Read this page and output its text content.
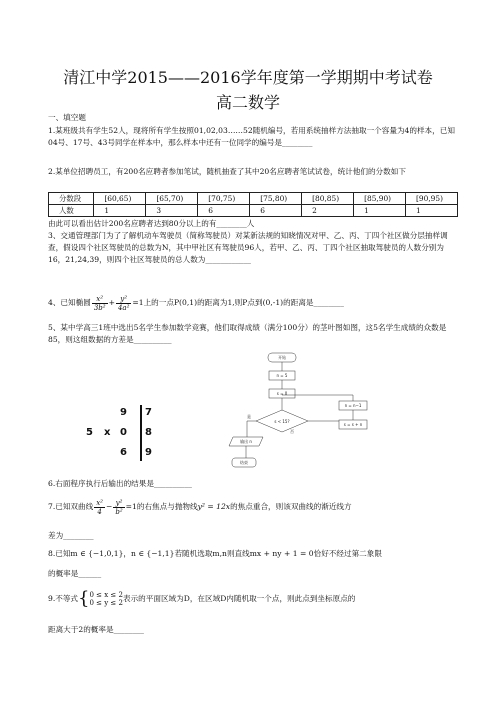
清江中学2015——2016学年度第一学期期中考试卷
高二数学

一、填空题

1.某班级共有学生52人，现将所有学生按照01,02,03……52随机编号，若用系统抽样方法抽取一个容量为4的样本，已知04号、17号、43号同学在样本中，那么样本中还有一位同学的编号是________

2.某单位招聘员工，有200名应聘者参加笔试，随机抽查了其中20名应聘者笔试试卷，统计他们的分数如下

分数段	[60,65)	[65,70)	[70,75)	[75,80)	[80,85)	[85,90)	[90,95)
人数	1	3	6	6	2	1	1

由此可以看出估计200名应聘者达到80分以上的有________人

3、交通管理部门为了了解机动车驾驶员（简称驾驶员）对某新法规的知晓情况对甲、乙、丙、丁四个社区做分层抽样调查，假设四个社区驾驶员的总数为N，其中甲社区有驾驶员96人，若甲、乙、丙、丁四个社区抽取驾驶员的人数分别为16，21,24,39，则四个社区驾驶员的总人数为____________

4、已知椭圆 $\frac{\text{x²}}{\text{3b²}} + \frac{\text{y²}}{\text{4a²}} =1$ 上的一点P(0,1)的距离为1,则P点到(0,-1)的距离是________

5、某中学高三1班中选出5名学生参加数学竞赛，他们取得成绩（满分100分）的茎叶图如图，这5名学生成绩的众数是85，则这组数据的方差是__________

9 7
5 x 0 8
6 9
开始
n = 5
s = 0
s < 15?
是
否
n = n−1
s = s + n
输出 n
结束

6.右面程序执行后输出的结果是__________

7.已知双曲线 $\frac{\text{x²}}{4} - \frac{\text{y²}}{\text{b²}} =1$ 的右焦点与抛物线 y² = 12x 的焦点重合，则该双曲线的渐近线方

差为________

8.已知m ∈ {−1,0,1}，n ∈ {−1,1}若随机选取m,n则直线mx + ny + 1 = 0恰好不经过第二象限

的概率是______

9.不等式 { 0 ≤ x ≤ 2
0 ≤ y ≤ 2
表示的平面区域为D，在区域D内随机取一个点，则此点到坐标原点的

距离大于2的概率是________
